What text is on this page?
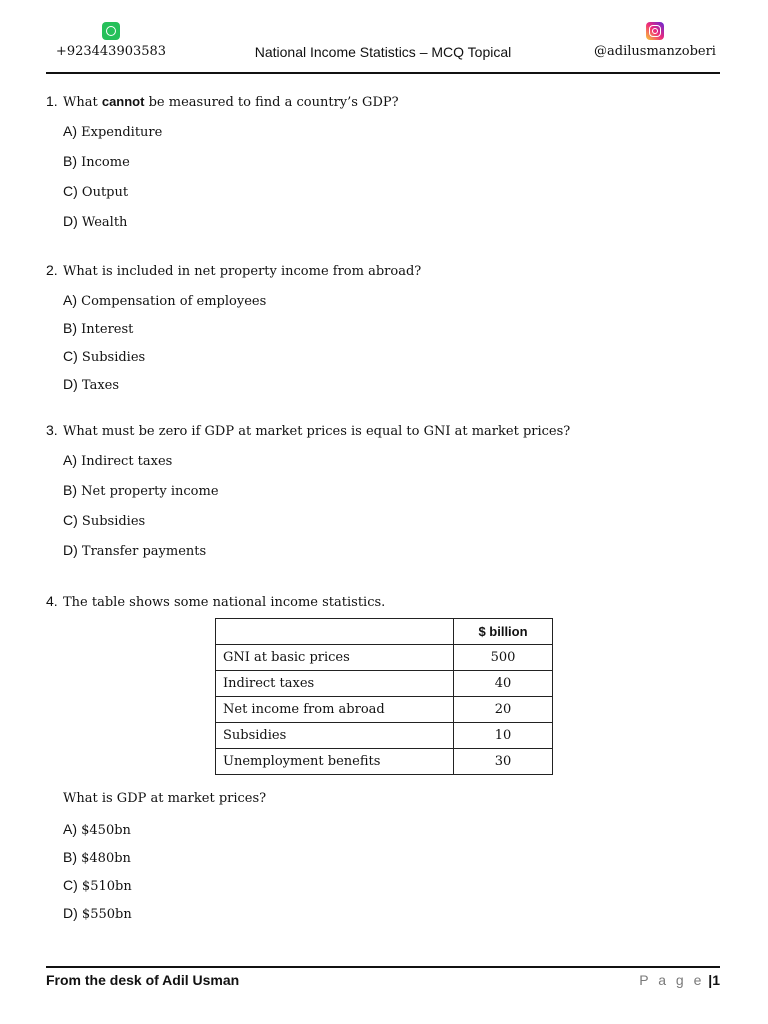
+923443903583	National Income Statistics – MCQ Topical	@adilusmanzoberi
1. What cannot be measured to find a country’s GDP?
A) Expenditure
B) Income
C) Output
D) Wealth
2. What is included in net property income from abroad?
A) Compensation of employees
B) Interest
C) Subsidies
D) Taxes
3. What must be zero if GDP at market prices is equal to GNI at market prices?
A) Indirect taxes
B) Net property income
C) Subsidies
D) Transfer payments
4. The table shows some national income statistics.
	$ billion
GNI at basic prices	500
Indirect taxes	40
Net income from abroad	20
Subsidies	10
Unemployment benefits	30
What is GDP at market prices?
A) $450bn
B) $480bn
C) $510bn
D) $550bn
From the desk of Adil Usman	P a g e |1
